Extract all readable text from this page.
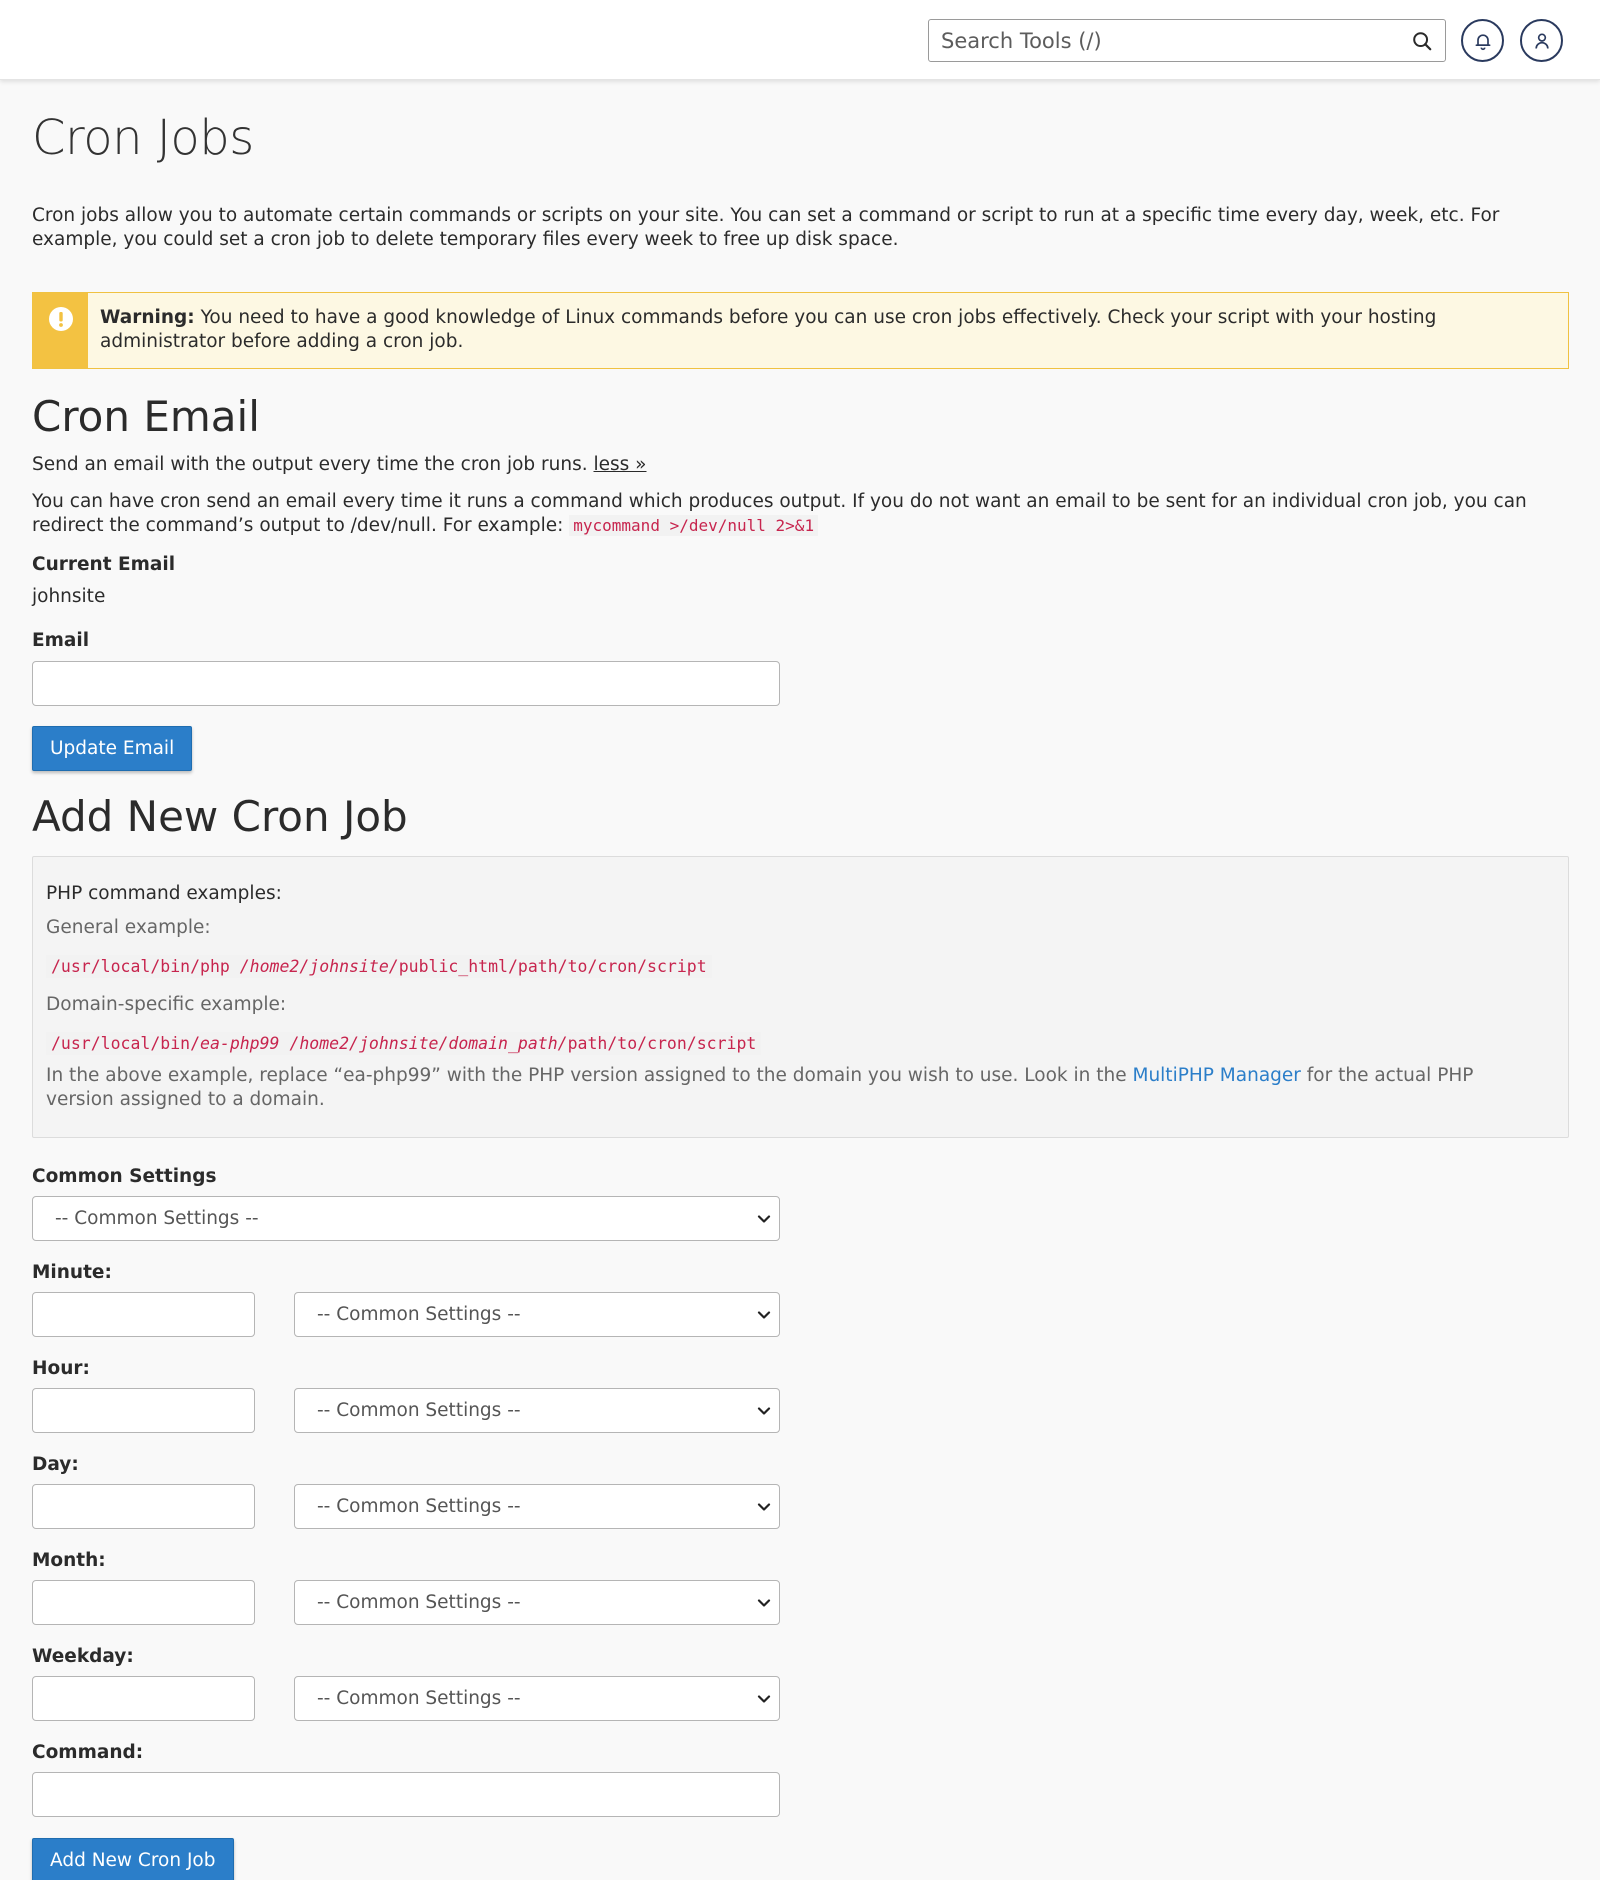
Search Tools (/)
Cron Jobs

Cron jobs allow you to automate certain commands or scripts on your site. You can set a command or script to run at a specific time every day, week, etc. For example, you could set a cron job to delete temporary files every week to free up disk space.

Warning: You need to have a good knowledge of Linux commands before you can use cron jobs effectively. Check your script with your hosting administrator before adding a cron job.
Cron Email

Send an email with the output every time the cron job runs. less »

You can have cron send an email every time it runs a command which produces output. If you do not want an email to be sent for an individual cron job, you can redirect the command’s output to /dev/null. For example: mycommand >/dev/null 2>&1

Current Email
johnsite
Email
Update Email
Add New Cron Job
PHP command examples:
General example:
/usr/local/bin/php /home2/johnsite/public_html/path/to/cron/script
Domain-specific example:
/usr/local/bin/ea-php99 /home2/johnsite/domain_path/path/to/cron/script

In the above example, replace “ea-php99” with the PHP version assigned to the domain you wish to use. Look in the MultiPHP Manager for the actual PHP version assigned to a domain.

Common Settings
-- Common Settings --
Minute:
-- Common Settings --
Hour:
-- Common Settings --
Day:
-- Common Settings --
Month:
-- Common Settings --
Weekday:
-- Common Settings --
Command:
Add New Cron Job
